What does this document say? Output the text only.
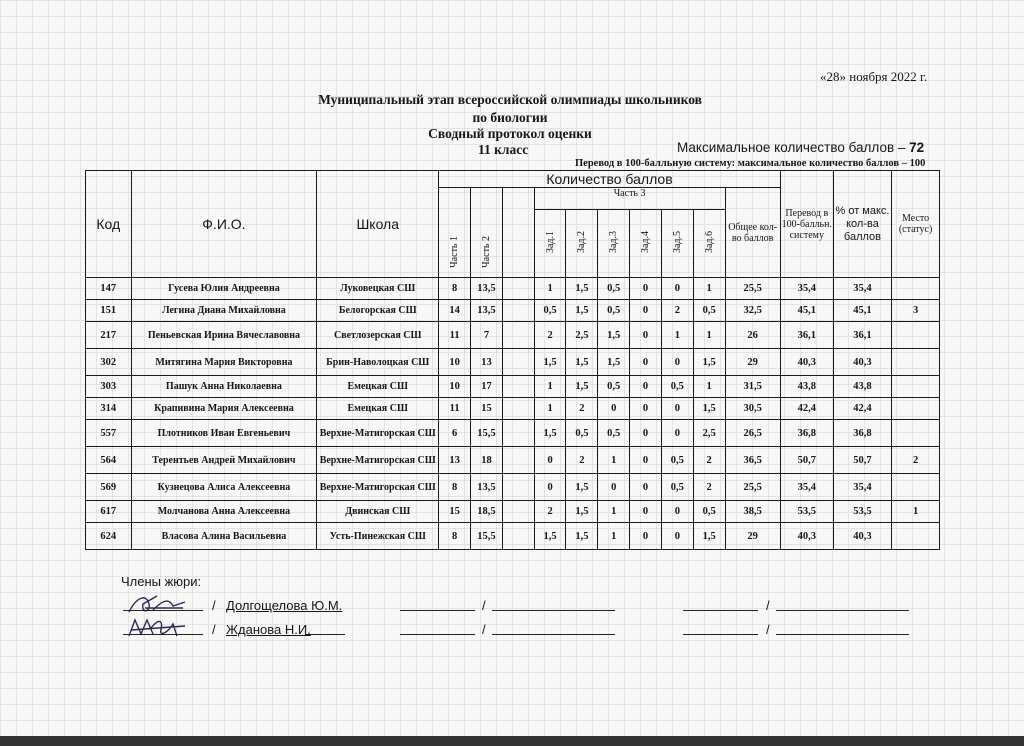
«28» ноября 2022 г.
Муниципальный этап всероссийской олимпиады школьников
по биологии
Сводный протокол оценки
11 класс	Максимальное количество баллов – 72
Перевод в 100-балльную систему: максимальное количество баллов – 100
Код	Ф.И.О.	Школа	Количество баллов										Перевод в 100-балльн. систему	% от макс. кол-ва баллов	Место (статус)
			Часть 1	Часть 2		Часть 3						Общее кол-во баллов			
						Зад.1	Зад.2	Зад.3	Зад.4	Зад.5	Зад.6				
147	Гусева Юлия Андреевна	Луковецкая СШ	8	13,5		1	1,5	0,5	0	0	1	25,5	35,4	35,4	
151	Легина Диана Михайловна	Белогорская СШ	14	13,5		0,5	1,5	0,5	0	2	0,5	32,5	45,1	45,1	3
217	Пеньевская Ирина Вячеславовна	Светлозерская СШ	11	7		2	2,5	1,5	0	1	1	26	36,1	36,1	
302	Митягина Мария Викторовна	Брин-Наволоцкая СШ	10	13		1,5	1,5	1,5	0	0	1,5	29	40,3	40,3	
303	Пашук Анна Николаевна	Емецкая СШ	10	17		1	1,5	0,5	0	0,5	1	31,5	43,8	43,8	
314	Крапивина Мария Алексеевна	Емецкая СШ	11	15		1	2	0	0	0	1,5	30,5	42,4	42,4	
557	Плотников Иван Евгеньевич	Верхне-Матигорская СШ	6	15,5		1,5	0,5	0,5	0	0	2,5	26,5	36,8	36,8	
564	Терентьев Андрей Михайлович	Верхне-Матигорская СШ	13	18		0	2	1	0	0,5	2	36,5	50,7	50,7	2
569	Кузнецова Алиса Алексеевна	Верхне-Матигорская СШ	8	13,5		0	1,5	0	0	0,5	2	25,5	35,4	35,4	
617	Молчанова Анна Алексеевна	Двинская СШ	15	18,5		2	1,5	1	0	0	0,5	38,5	53,5	53,5	1
624	Власова Алина Васильевна	Усть-Пинежская СШ	8	15,5		1,5	1,5	1	0	0	1,5	29	40,3	40,3	
Члены жюри:
/ Долгощелова Ю.М.	/	/
/ Жданова Н.И.	/	/
